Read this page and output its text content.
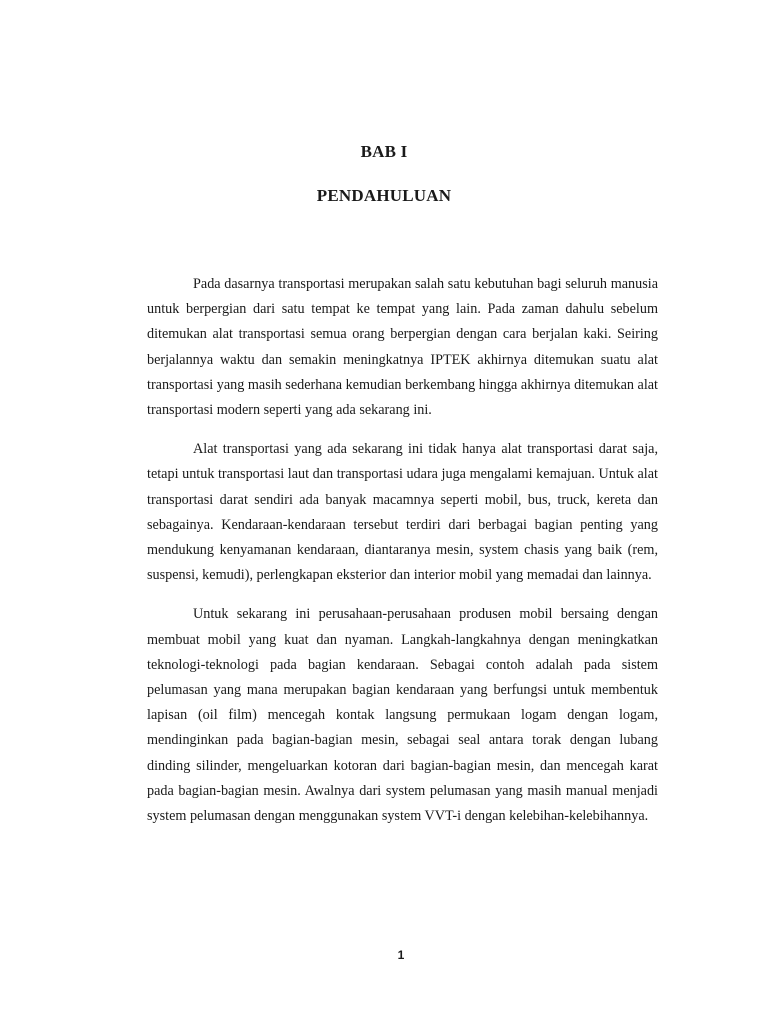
BAB I
PENDAHULUAN

Pada dasarnya transportasi merupakan salah satu kebutuhan bagi seluruh manusia untuk berpergian dari satu tempat ke tempat yang lain. Pada zaman dahulu sebelum ditemukan alat transportasi semua orang berpergian dengan cara berjalan kaki. Seiring berjalannya waktu dan semakin meningkatnya IPTEK akhirnya ditemukan suatu alat transportasi yang masih sederhana kemudian berkembang hingga akhirnya ditemukan alat transportasi modern seperti yang ada sekarang ini.

Alat transportasi yang ada sekarang ini tidak hanya alat transportasi darat saja, tetapi untuk transportasi laut dan transportasi udara juga mengalami kemajuan. Untuk alat transportasi darat sendiri ada banyak macamnya seperti mobil, bus, truck, kereta dan sebagainya. Kendaraan-kendaraan tersebut terdiri dari berbagai bagian penting yang mendukung kenyamanan kendaraan, diantaranya mesin, system chasis yang baik (rem, suspensi, kemudi), perlengkapan eksterior dan interior mobil yang memadai dan lainnya.

Untuk sekarang ini perusahaan-perusahaan produsen mobil bersaing dengan membuat mobil yang kuat dan nyaman. Langkah-langkahnya dengan meningkatkan teknologi-teknologi pada bagian kendaraan. Sebagai contoh adalah pada sistem pelumasan yang mana merupakan bagian kendaraan yang berfungsi untuk membentuk lapisan (oil film) mencegah kontak langsung permukaan logam dengan logam, mendinginkan pada bagian-bagian mesin, sebagai seal antara torak dengan lubang dinding silinder, mengeluarkan kotoran dari bagian-bagian mesin, dan mencegah karat pada bagian-bagian mesin. Awalnya dari system pelumasan yang masih manual menjadi system pelumasan dengan menggunakan system VVT-i dengan kelebihan-kelebihannya.

1
